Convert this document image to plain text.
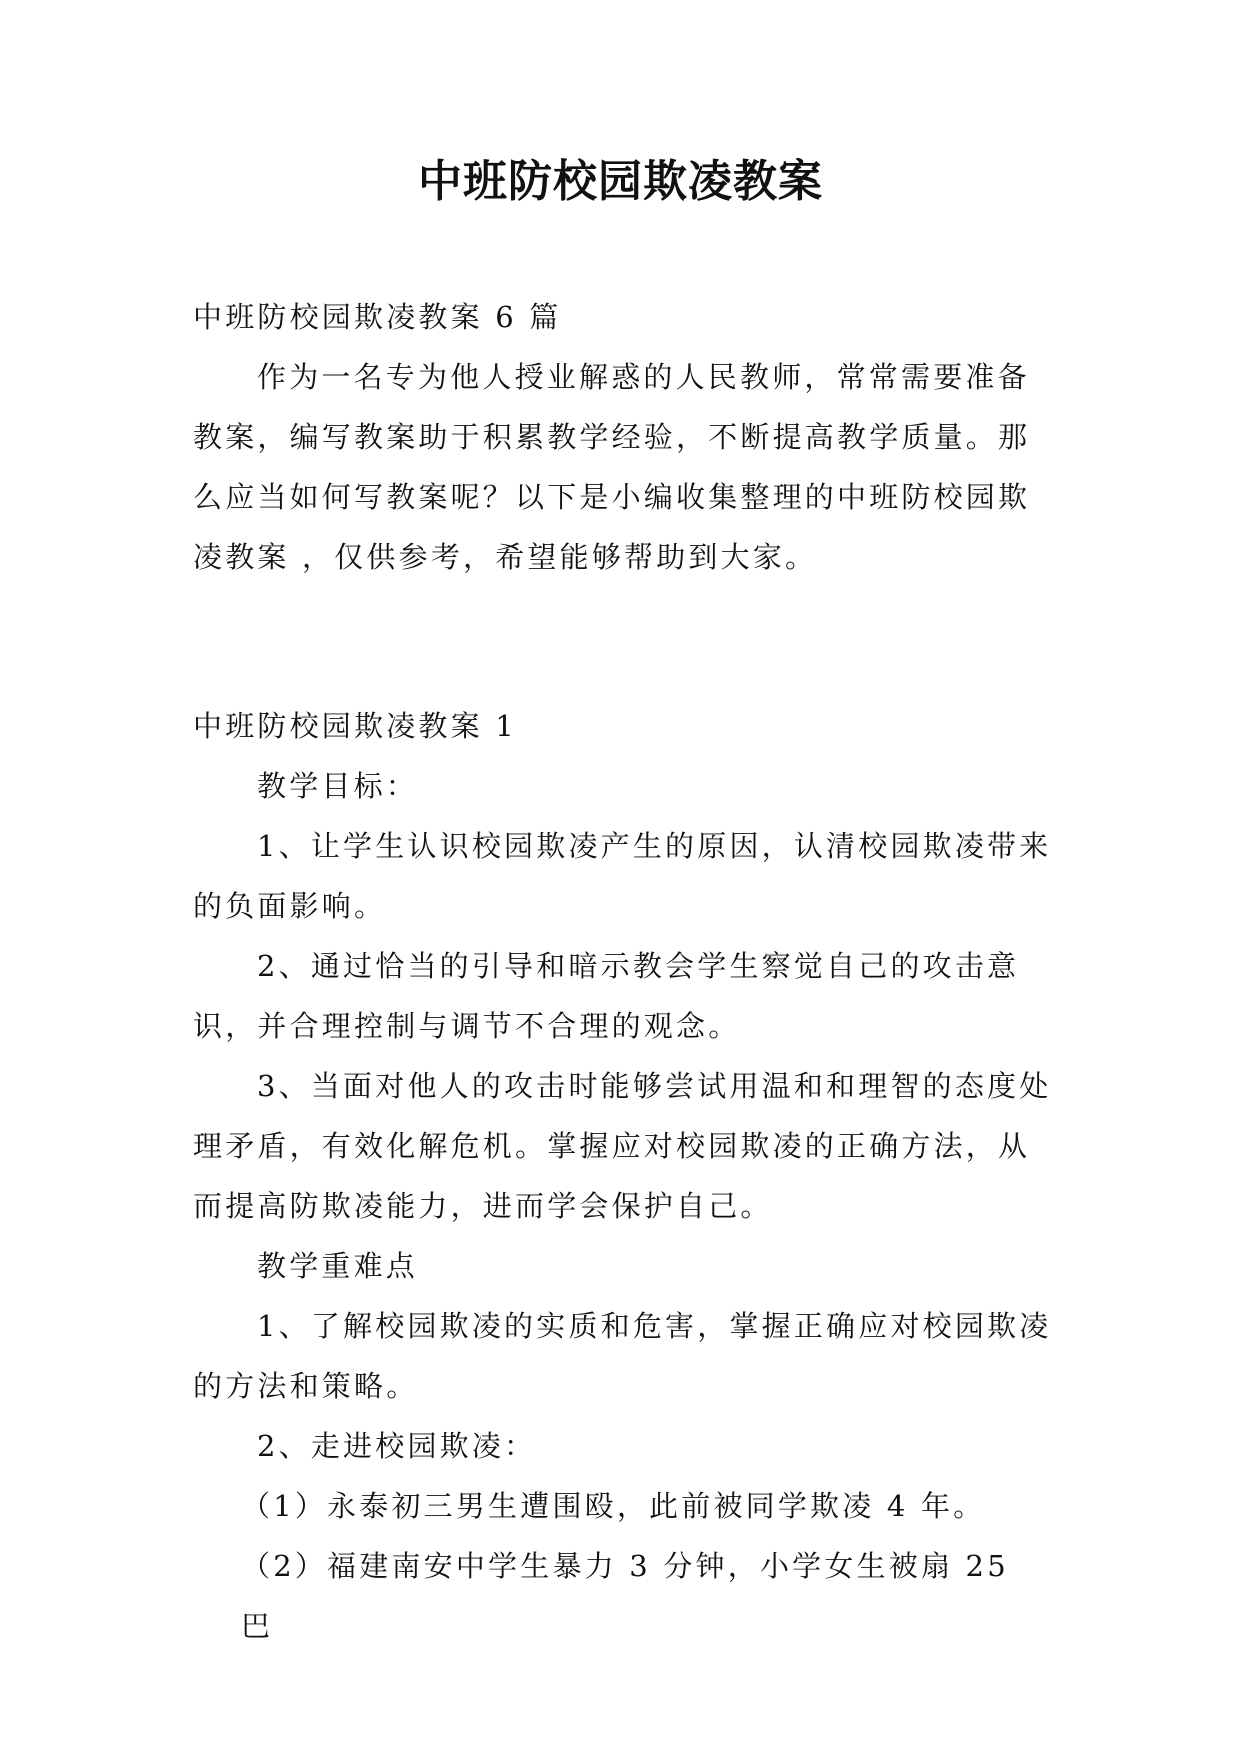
中班防校园欺凌教案

中班防校园欺凌教案 6 篇

作为一名专为他人授业解惑的人民教师，常常需要准备教案，编写教案助于积累教学经验，不断提高教学质量。那么应当如何写教案呢？以下是小编收集整理的中班防校园欺凌教案 ，仅供参考，希望能够帮助到大家。

中班防校园欺凌教案 1

教学目标：

1、让学生认识校园欺凌产生的原因，认清校园欺凌带来的负面影响。

2、通过恰当的引导和暗示教会学生察觉自己的攻击意识，并合理控制与调节不合理的观念。

3、当面对他人的攻击时能够尝试用温和和理智的态度处理矛盾，有效化解危机。掌握应对校园欺凌的正确方法，从而提高防欺凌能力，进而学会保护自己。

教学重难点

1、了解校园欺凌的实质和危害，掌握正确应对校园欺凌的方法和策略。

2、走进校园欺凌：

（1）永泰初三男生遭围殴，此前被同学欺凌 4 年。

（2）福建南安中学生暴力 3 分钟，小学女生被扇 25 巴
